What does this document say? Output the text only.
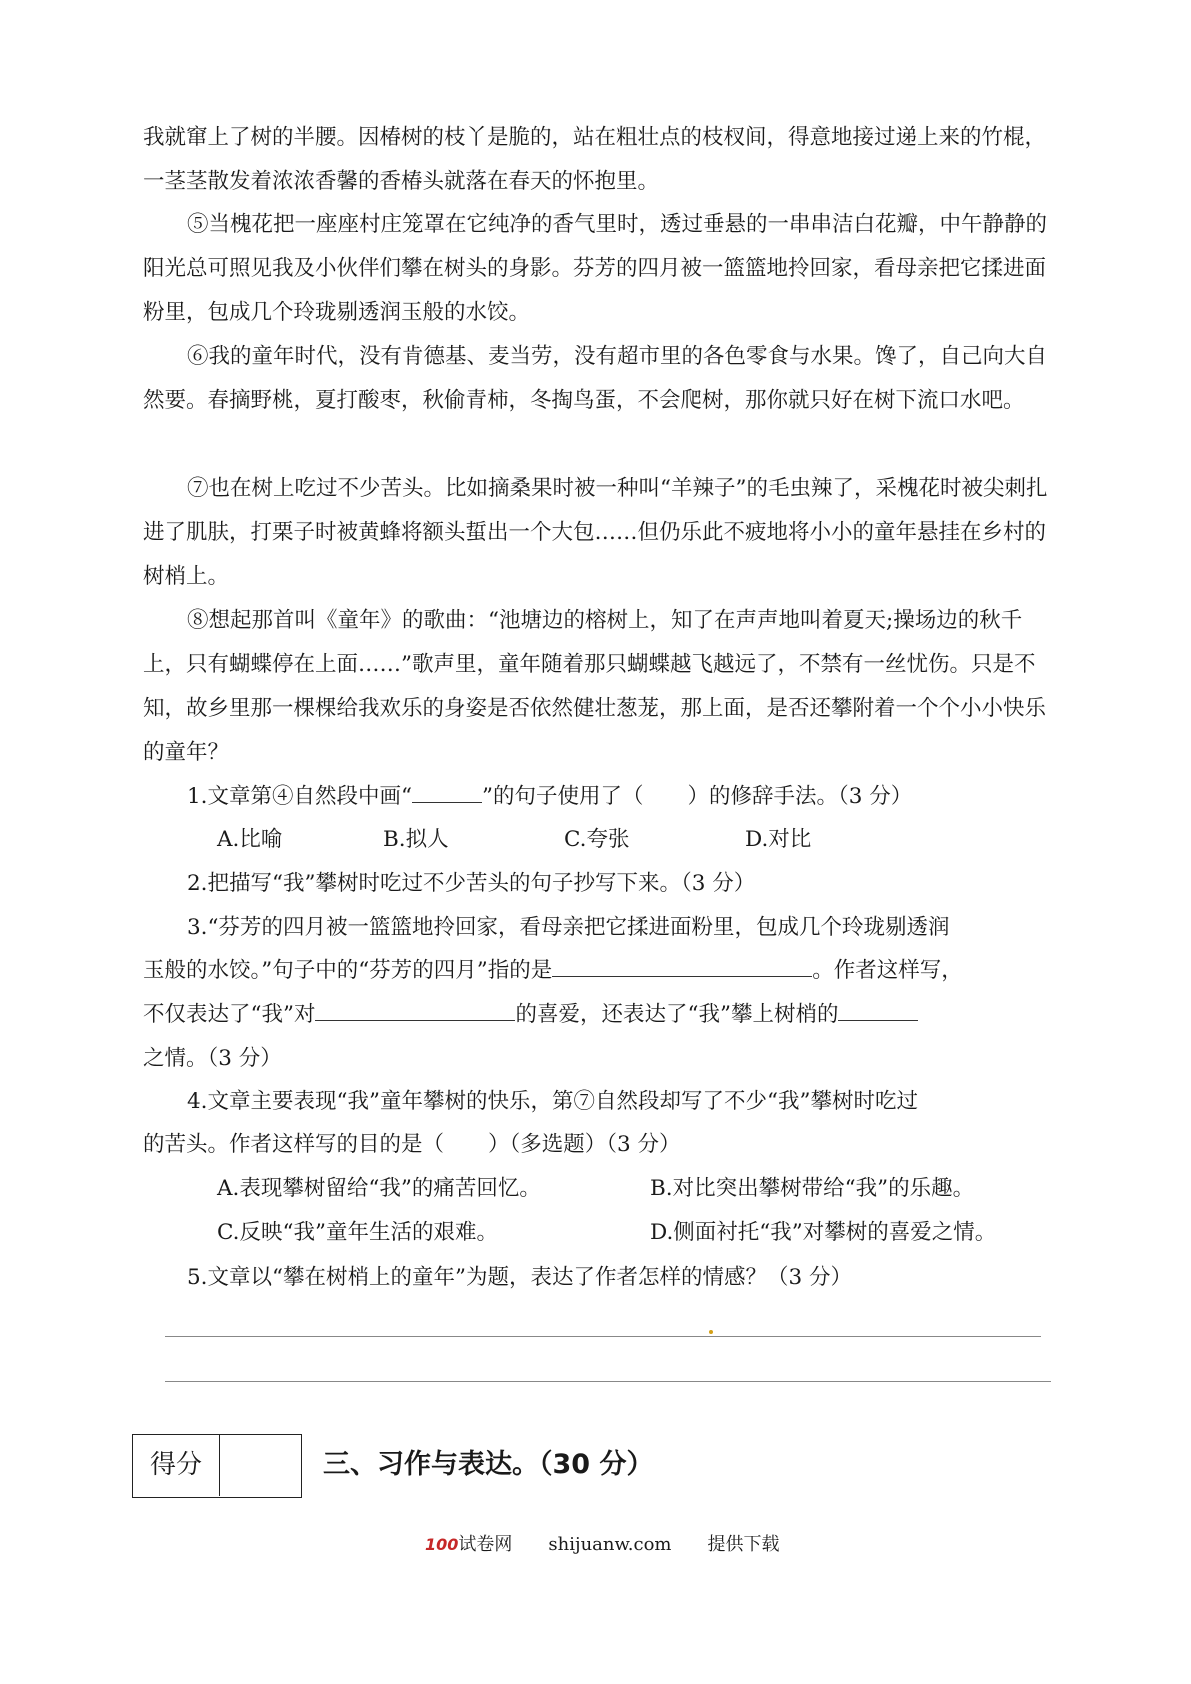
我就窜上了树的半腰。因椿树的枝丫是脆的，站在粗壮点的枝杈间，得意地接过递上来的竹棍，一茎茎散发着浓浓香馨的香椿头就落在春天的怀抱里。

⑤当槐花把一座座村庄笼罩在它纯净的香气里时，透过垂悬的一串串洁白花瓣，中午静静的阳光总可照见我及小伙伴们攀在树头的身影。芬芳的四月被一篮篮地拎回家，看母亲把它揉进面粉里，包成几个玲珑剔透润玉般的水饺。

⑥我的童年时代，没有肯德基、麦当劳，没有超市里的各色零食与水果。馋了，自己向大自然要。春摘野桃，夏打酸枣，秋偷青柿，冬掏鸟蛋，不会爬树，那你就只好在树下流口水吧。

⑦也在树上吃过不少苦头。比如摘桑果时被一种叫“羊辣子”的毛虫辣了，采槐花时被尖刺扎进了肌肤，打栗子时被黄蜂将额头蜇出一个大包……但仍乐此不疲地将小小的童年悬挂在乡村的树梢上。

⑧想起那首叫《童年》的歌曲：“池塘边的榕树上，知了在声声地叫着夏天;操场边的秋千上，只有蝴蝶停在上面……”歌声里，童年随着那只蝴蝶越飞越远了，不禁有一丝忧伤。只是不知，故乡里那一棵棵给我欢乐的身姿是否依然健壮葱茏，那上面，是否还攀附着一个个小小快乐的童年？

1.文章第④自然段中画“	”的句子使用了（ ）的修辞手法。（3 分）
A.比喻	B.拟人	C.夸张	D.对比
2.把描写“我”攀树时吃过不少苦头的句子抄写下来。（3 分）
3.“芬芳的四月被一篮篮地拎回家，看母亲把它揉进面粉里，包成几个玲珑剔透润
玉般的水饺。”句子中的“芬芳的四月”指的是	。作者这样写，
不仅表达了“我”对	的喜爱，还表达了“我”攀上树梢的
之情。（3 分）
4.文章主要表现“我”童年攀树的快乐，第⑦自然段却写了不少“我”攀树时吃过
的苦头。作者这样写的目的是（ ）（多选题）（3 分）
A.表现攀树留给“我”的痛苦回忆。	B.对比突出攀树带给“我”的乐趣。
C.反映“我”童年生活的艰难。	D.侧面衬托“我”对攀树的喜爱之情。
5.文章以“攀在树梢上的童年”为题，表达了作者怎样的情感？（3 分）
得分	三、习作与表达。（30 分）
100试卷网 shijuanw.com 提供下载
